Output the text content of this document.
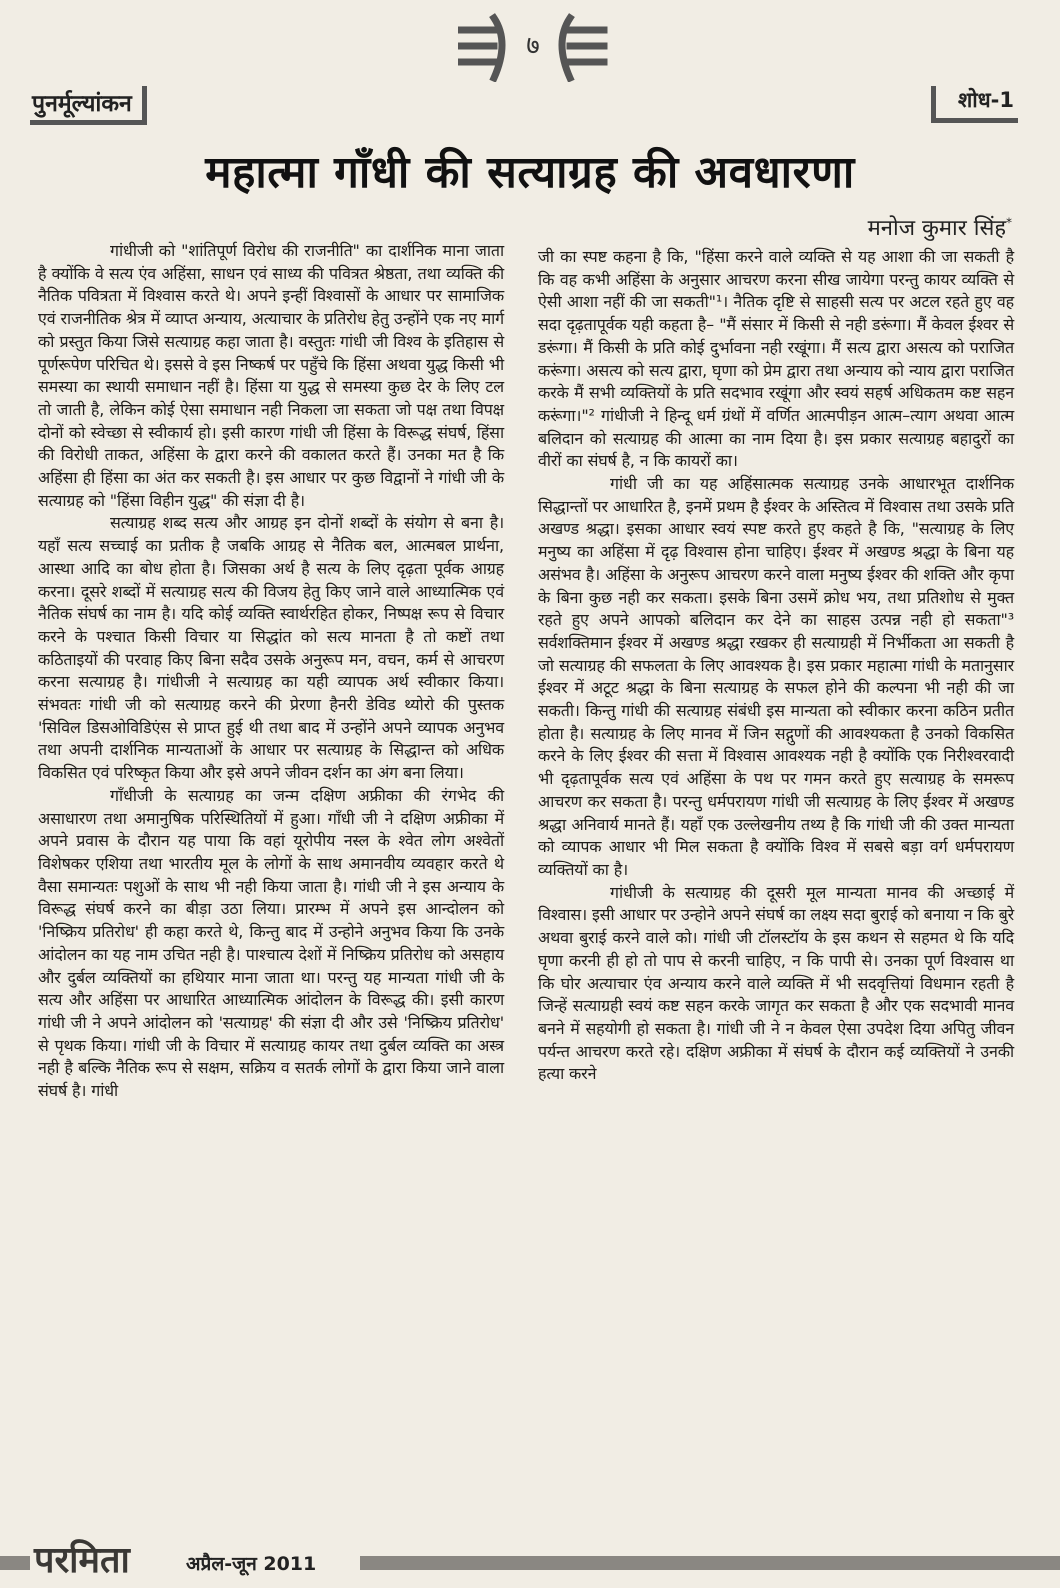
७
पुनर्मूल्यांकन	शोध-1
महात्मा गाँधी की सत्याग्रह की अवधारणा
मनोज कुमार सिंह*

गांधीजी को "शांतिपूर्ण विरोध की राजनीति" का दार्शनिक माना जाता है क्योंकि वे सत्य एंव अहिंसा, साधन एवं साध्य की पवित्रत श्रेष्ठता, तथा व्यक्ति की नैतिक पवित्रता में विश्वास करते थे। अपने इन्हीं विश्वासों के आधार पर सामाजिक एवं राजनीतिक श्रेत्र में व्याप्त अन्याय, अत्याचार के प्रतिरोध हेतु उन्होंने एक नए मार्ग को प्रस्तुत किया जिसे सत्याग्रह कहा जाता है। वस्तुतः गांधी जी विश्व के इतिहास से पूर्णरूपेण परिचित थे। इससे वे इस निष्कर्ष पर पहुँचे कि हिंसा अथवा युद्ध किसी भी समस्या का स्थायी समाधान नहीं है। हिंसा या युद्ध से समस्या कुछ देर के लिए टल तो जाती है, लेकिन कोई ऐसा समाधान नही निकला जा सकता जो पक्ष तथा विपक्ष दोनों को स्वेच्छा से स्वीकार्य हो। इसी कारण गांधी जी हिंसा के विरूद्ध संघर्ष, हिंसा की विरोधी ताकत, अहिंसा के द्वारा करने की वकालत करते हैं। उनका मत है कि अहिंसा ही हिंसा का अंत कर सकती है। इस आधार पर कुछ विद्वानों ने गांधी जी के सत्याग्रह को "हिंसा विहीन युद्ध" की संज्ञा दी है।

सत्याग्रह शब्द सत्य और आग्रह इन दोनों शब्दों के संयोग से बना है। यहाँ सत्य सच्चाई का प्रतीक है जबकि आग्रह से नैतिक बल, आत्मबल प्रार्थना, आस्था आदि का बोध होता है। जिसका अर्थ है सत्य के लिए दृढ़ता पूर्वक आग्रह करना। दूसरे शब्दों में सत्याग्रह सत्य की विजय हेतु किए जाने वाले आध्यात्मिक एवं नैतिक संघर्ष का नाम है। यदि कोई व्यक्ति स्वार्थरहित होकर, निष्पक्ष रूप से विचार करने के पश्चात किसी विचार या सिद्धांत को सत्य मानता है तो कष्टों तथा कठिताइयों की परवाह किए बिना सदैव उसके अनुरूप मन, वचन, कर्म से आचरण करना सत्याग्रह है। गांधीजी ने सत्याग्रह का यही व्यापक अर्थ स्वीकार किया। संभवतः गांधी जी को सत्याग्रह करने की प्रेरणा हैनरी डेविड थ्योरो की पुस्तक 'सिविल डिसओविडिएंस से प्राप्त हुई थी तथा बाद में उन्होंने अपने व्यापक अनुभव तथा अपनी दार्शनिक मान्यताओं के आधार पर सत्याग्रह के सिद्धान्त को अधिक विकसित एवं परिष्कृत किया और इसे अपने जीवन दर्शन का अंग बना लिया।

गाँधीजी के सत्याग्रह का जन्म दक्षिण अफ्रीका की रंगभेद की असाधारण तथा अमानुषिक परिस्थितियों में हुआ। गाँधी जी ने दक्षिण अफ्रीका में अपने प्रवास के दौरान यह पाया कि वहां यूरोपीय नस्ल के श्वेत लोग अश्वेतों विशेषकर एशिया तथा भारतीय मूल के लोगों के साथ अमानवीय व्यवहार करते थे वैसा समान्यतः पशुओं के साथ भी नही किया जाता है। गांधी जी ने इस अन्याय के विरूद्ध संघर्ष करने का बीड़ा उठा लिया। प्रारम्भ में अपने इस आन्दोलन को 'निष्क्रिय प्रतिरोध' ही कहा करते थे, किन्तु बाद में उन्होने अनुभव किया कि उनके आंदोलन का यह नाम उचित नही है। पाश्चात्य देशों में निष्क्रिय प्रतिरोध को असहाय और दुर्बल व्यक्तियों का हथियार माना जाता था। परन्तु यह मान्यता गांधी जी के सत्य और अहिंसा पर आधारित आध्यात्मिक आंदोलन के विरूद्ध की। इसी कारण गांधी जी ने अपने आंदोलन को 'सत्याग्रह' की संज्ञा दी और उसे 'निष्क्रिय प्रतिरोध' से पृथक किया। गांधी जी के विचार में सत्याग्रह कायर तथा दुर्बल व्यक्ति का अस्त्र नही है बल्कि नैतिक रूप से सक्षम, सक्रिय व सतर्क लोगों के द्वारा किया जाने वाला संघर्ष है। गांधी

जी का स्पष्ट कहना है कि, "हिंसा करने वाले व्यक्ति से यह आशा की जा सकती है कि वह कभी अहिंसा के अनुसार आचरण करना सीख जायेगा परन्तु कायर व्यक्ति से ऐसी आशा नहीं की जा सकती"¹। नैतिक दृष्टि से साहसी सत्य पर अटल रहते हुए वह सदा दृढ़तापूर्वक यही कहता है– "मैं संसार में किसी से नही डरूंगा। मैं केवल ईश्वर से डरूंगा। मैं किसी के प्रति कोई दुर्भावना नही रखूंगा। मैं सत्य द्वारा असत्य को पराजित करूंगा। असत्य को सत्य द्वारा, घृणा को प्रेम द्वारा तथा अन्याय को न्याय द्वारा पराजित करके मैं सभी व्यक्तियों के प्रति सदभाव रखूंगा और स्वयं सहर्ष अधिकतम कष्ट सहन करूंगा।"² गांधीजी ने हिन्दू धर्म ग्रंथों में वर्णित आत्मपीड़न आत्म–त्याग अथवा आत्म बलिदान को सत्याग्रह की आत्मा का नाम दिया है। इस प्रकार सत्याग्रह बहादुरों का वीरों का संघर्ष है, न कि कायरों का।

गांधी जी का यह अहिंसात्मक सत्याग्रह उनके आधारभूत दार्शनिक सिद्धान्तों पर आधारित है, इनमें प्रथम है ईश्वर के अस्तित्व में विश्वास तथा उसके प्रति अखण्ड श्रद्धा। इसका आधार स्वयं स्पष्ट करते हुए कहते है कि, "सत्याग्रह के लिए मनुष्य का अहिंसा में दृढ़ विश्वास होना चाहिए। ईश्वर में अखण्ड श्रद्धा के बिना यह असंभव है। अहिंसा के अनुरूप आचरण करने वाला मनुष्य ईश्वर की शक्ति और कृपा के बिना कुछ नही कर सकता। इसके बिना उसमें क्रोध भय, तथा प्रतिशोध से मुक्त रहते हुए अपने आपको बलिदान कर देने का साहस उत्पन्न नही हो सकता"³ सर्वशक्तिमान ईश्वर में अखण्ड श्रद्धा रखकर ही सत्याग्रही में निर्भीकता आ सकती है जो सत्याग्रह की सफलता के लिए आवश्यक है। इस प्रकार महात्मा गांधी के मतानुसार ईश्वर में अटूट श्रद्धा के बिना सत्याग्रह के सफल होने की कल्पना भी नही की जा सकती। किन्तु गांधी की सत्याग्रह संबंधी इस मान्यता को स्वीकार करना कठिन प्रतीत होता है। सत्याग्रह के लिए मानव में जिन सद्गुणों की आवश्यकता है उनको विकसित करने के लिए ईश्वर की सत्ता में विश्वास आवश्यक नही है क्योंकि एक निरीश्वरवादी भी दृढ़तापूर्वक सत्य एवं अहिंसा के पथ पर गमन करते हुए सत्याग्रह के समरूप आचरण कर सकता है। परन्तु धर्मपरायण गांधी जी सत्याग्रह के लिए ईश्वर में अखण्ड श्रद्धा अनिवार्य मानते हैं। यहाँ एक उल्लेखनीय तथ्य है कि गांधी जी की उक्त मान्यता को व्यापक आधार भी मिल सकता है क्योंकि विश्व में सबसे बड़ा वर्ग धर्मपरायण व्यक्तियों का है।

गांधीजी के सत्याग्रह की दूसरी मूल मान्यता मानव की अच्छाई में विश्वास। इसी आधार पर उन्होने अपने संघर्ष का लक्ष्य सदा बुराई को बनाया न कि बुरे अथवा बुराई करने वाले को। गांधी जी टॉलस्टॉय के इस कथन से सहमत थे कि यदि घृणा करनी ही हो तो पाप से करनी चाहिए, न कि पापी से। उनका पूर्ण विश्वास था कि घोर अत्याचार एंव अन्याय करने वाले व्यक्ति में भी सदवृत्तियां विधमान रहती है जिन्हें सत्याग्रही स्वयं कष्ट सहन करके जागृत कर सकता है और एक सदभावी मानव बनने में सहयोगी हो सकता है। गांधी जी ने न केवल ऐसा उपदेश दिया अपितु जीवन पर्यन्त आचरण करते रहे। दक्षिण अफ्रीका में संघर्ष के दौरान कई व्यक्तियों ने उनकी हत्या करने

परमिता	अप्रैल-जून 2011
